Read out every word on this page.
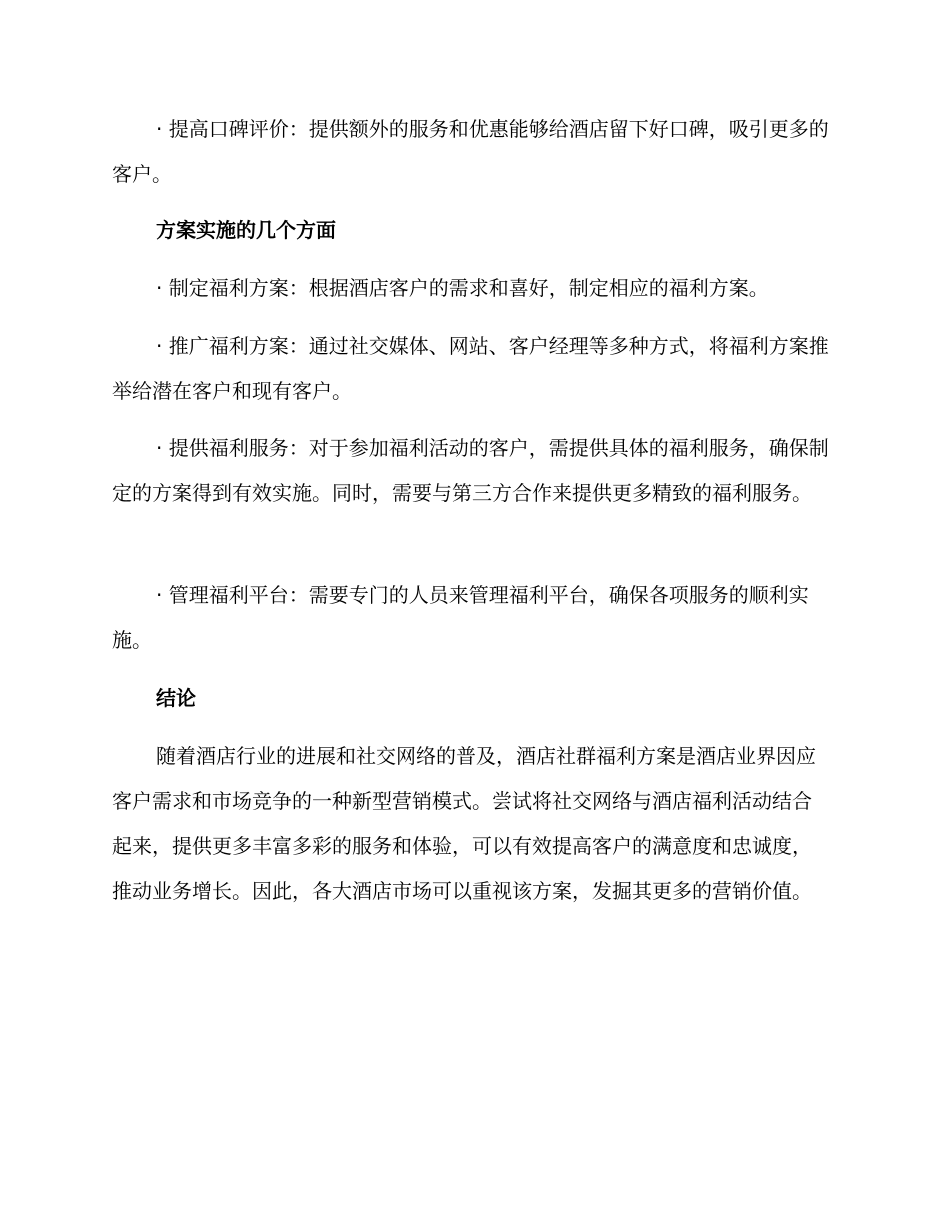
· 提高口碑评价：提供额外的服务和优惠能够给酒店留下好口碑，吸引更多的客户。

方案实施的几个方面

· 制定福利方案：根据酒店客户的需求和喜好，制定相应的福利方案。

· 推广福利方案：通过社交媒体、网站、客户经理等多种方式，将福利方案推举给潜在客户和现有客户。

· 提供福利服务：对于参加福利活动的客户，需提供具体的福利服务，确保制定的方案得到有效实施。同时，需要与第三方合作来提供更多精致的福利服务。

· 管理福利平台：需要专门的人员来管理福利平台，确保各项服务的顺利实施。

结论

随着酒店行业的进展和社交网络的普及，酒店社群福利方案是酒店业界因应客户需求和市场竞争的一种新型营销模式。尝试将社交网络与酒店福利活动结合起来，提供更多丰富多彩的服务和体验，可以有效提高客户的满意度和忠诚度，推动业务增长。因此，各大酒店市场可以重视该方案，发掘其更多的营销价值。
